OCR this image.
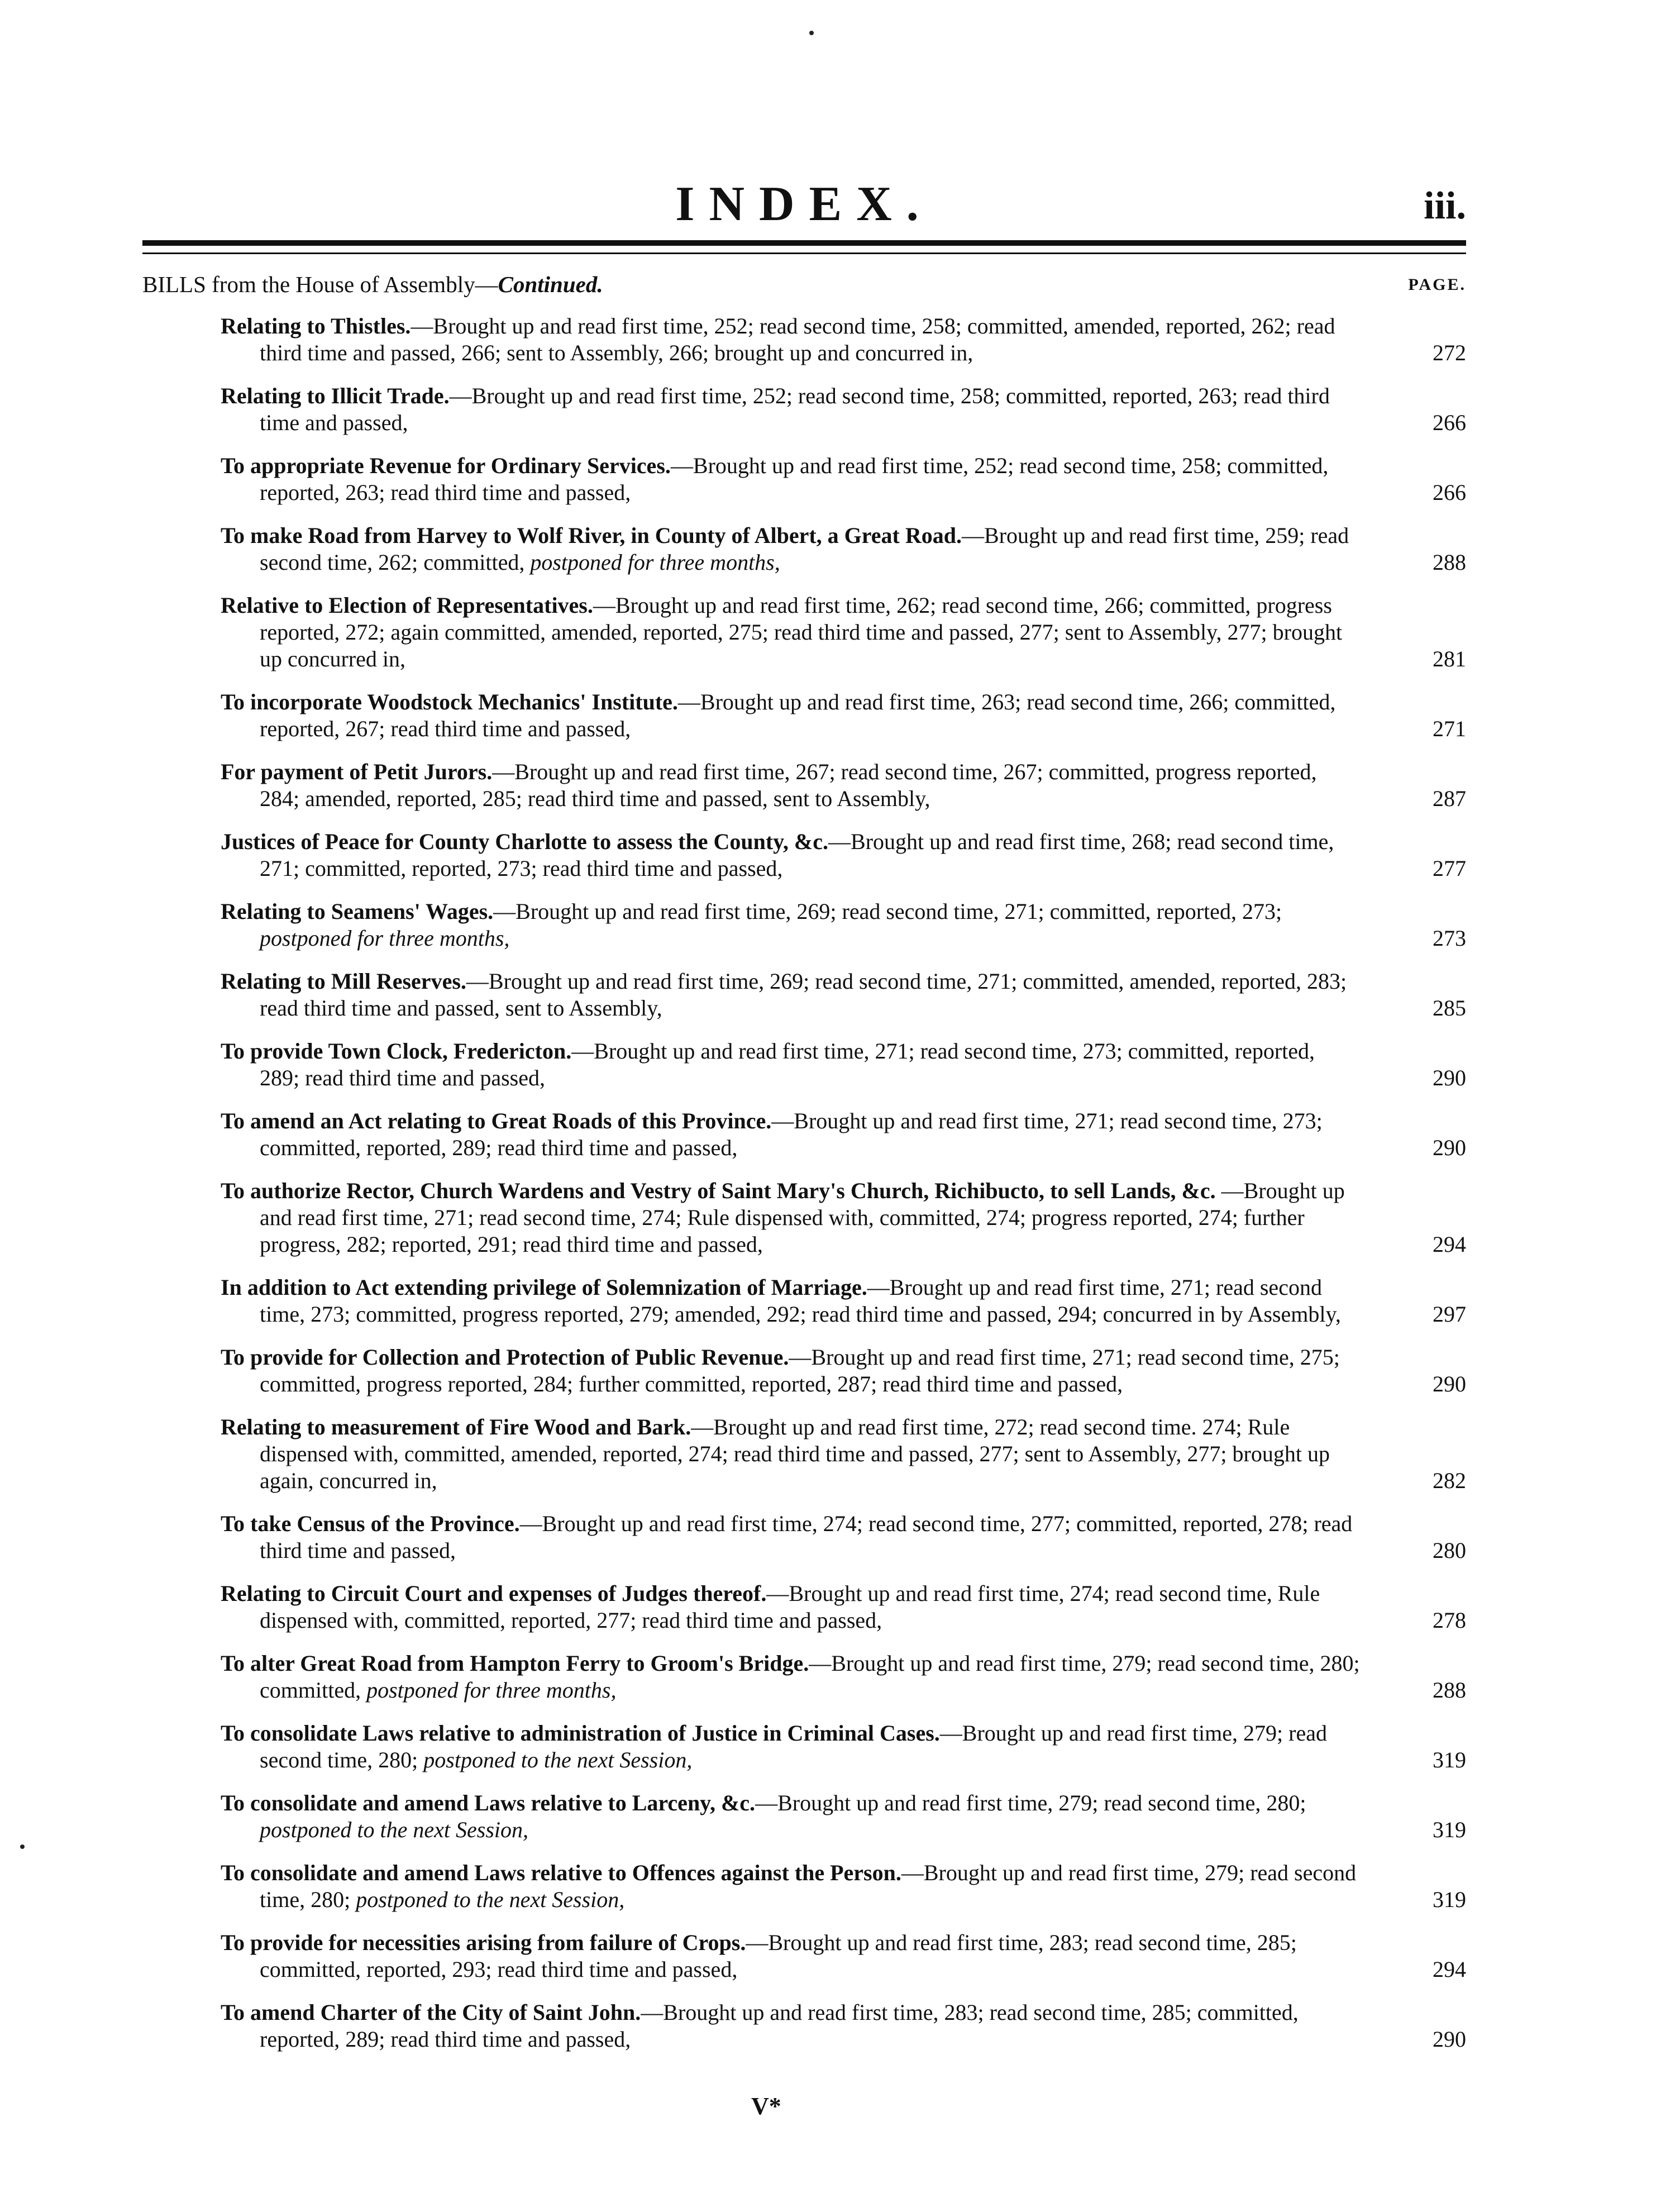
INDEX.	iii.
BILLS from the House of Assembly—Continued.	PAGE.
Relating to Thistles.—Brought up and read first time, 252; read second time, 258; committed, amended, reported, 262; read third time and passed, 266; sent to Assembly, 266; brought up and concurred in,	272
Relating to Illicit Trade.—Brought up and read first time, 252; read second time, 258; committed, reported, 263; read third time and passed,	266
To appropriate Revenue for Ordinary Services.—Brought up and read first time, 252; read second time, 258; committed, reported, 263; read third time and passed,	266
To make Road from Harvey to Wolf River, in County of Albert, a Great Road.—Brought up and read first time, 259; read second time, 262; committed, postponed for three months,	288
Relative to Election of Representatives.—Brought up and read first time, 262; read second time, 266; committed, progress reported, 272; again committed, amended, reported, 275; read third time and passed, 277; sent to Assembly, 277; brought up concurred in,	281
To incorporate Woodstock Mechanics' Institute.—Brought up and read first time, 263; read second time, 266; committed, reported, 267; read third time and passed,	271
For payment of Petit Jurors.—Brought up and read first time, 267; read second time, 267; committed, progress reported, 284; amended, reported, 285; read third time and passed, sent to Assembly,	287
Justices of Peace for County Charlotte to assess the County, &c.—Brought up and read first time, 268; read second time, 271; committed, reported, 273; read third time and passed,	277
Relating to Seamens' Wages.—Brought up and read first time, 269; read second time, 271; committed, reported, 273; postponed for three months,	273
Relating to Mill Reserves.—Brought up and read first time, 269; read second time, 271; committed, amended, reported, 283; read third time and passed, sent to Assembly,	285
To provide Town Clock, Fredericton.—Brought up and read first time, 271; read second time, 273; committed, reported, 289; read third time and passed,	290
To amend an Act relating to Great Roads of this Province.—Brought up and read first time, 271; read second time, 273; committed, reported, 289; read third time and passed,	290
To authorize Rector, Church Wardens and Vestry of Saint Mary's Church, Richibucto, to sell Lands, &c. —Brought up and read first time, 271; read second time, 274; Rule dispensed with, committed, 274; progress reported, 274; further progress, 282; reported, 291; read third time and passed,	294
In addition to Act extending privilege of Solemnization of Marriage.—Brought up and read first time, 271; read second time, 273; committed, progress reported, 279; amended, 292; read third time and passed, 294; concurred in by Assembly,	297
To provide for Collection and Protection of Public Revenue.—Brought up and read first time, 271; read second time, 275; committed, progress reported, 284; further committed, reported, 287; read third time and passed,	290
Relating to measurement of Fire Wood and Bark.—Brought up and read first time, 272; read second time. 274; Rule dispensed with, committed, amended, reported, 274; read third time and passed, 277; sent to Assembly, 277; brought up again, concurred in,	282
To take Census of the Province.—Brought up and read first time, 274; read second time, 277; committed, reported, 278; read third time and passed,	280
Relating to Circuit Court and expenses of Judges thereof.—Brought up and read first time, 274; read second time, Rule dispensed with, committed, reported, 277; read third time and passed,	278
To alter Great Road from Hampton Ferry to Groom's Bridge.—Brought up and read first time, 279; read second time, 280; committed, postponed for three months,	288
To consolidate Laws relative to administration of Justice in Criminal Cases.—Brought up and read first time, 279; read second time, 280; postponed to the next Session,	319
To consolidate and amend Laws relative to Larceny, &c.—Brought up and read first time, 279; read second time, 280; postponed to the next Session,	319
To consolidate and amend Laws relative to Offences against the Person.—Brought up and read first time, 279; read second time, 280; postponed to the next Session,	319
To provide for necessities arising from failure of Crops.—Brought up and read first time, 283; read second time, 285; committed, reported, 293; read third time and passed,	294
To amend Charter of the City of Saint John.—Brought up and read first time, 283; read second time, 285; committed, reported, 289; read third time and passed,	290
V*
